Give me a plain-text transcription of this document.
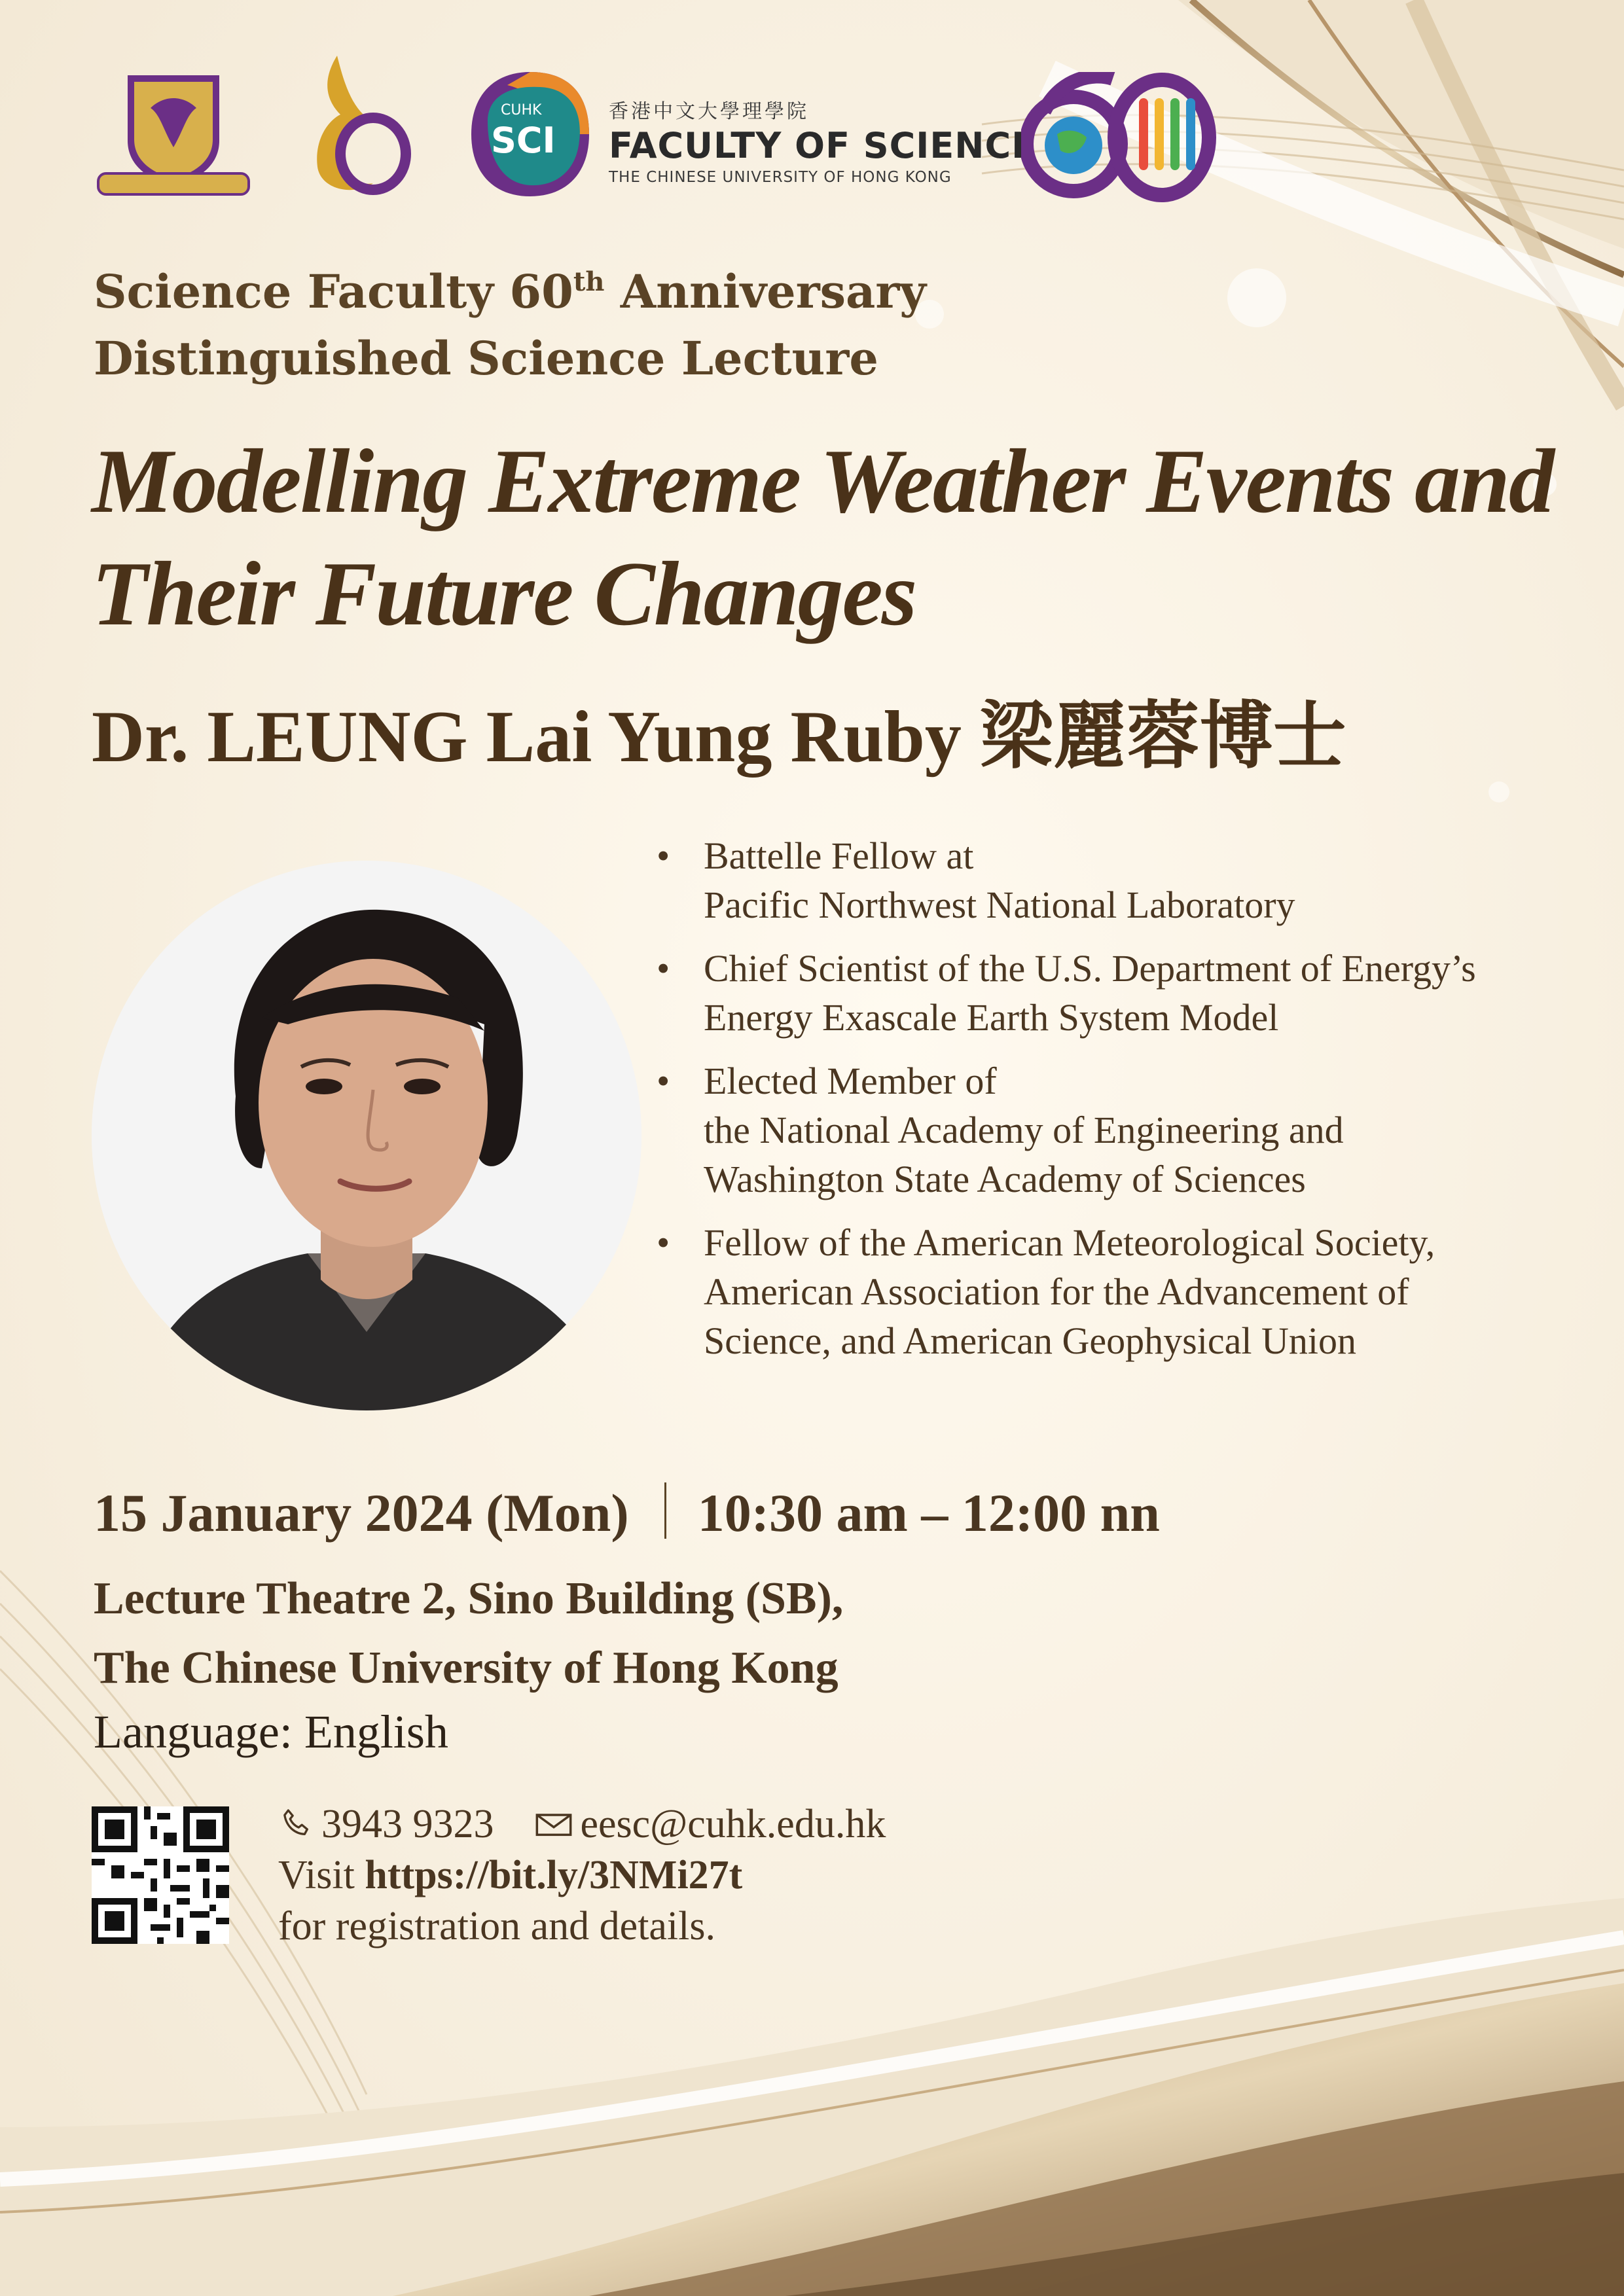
CUHK
SCI
香港中文大學理學院
FACULTY OF SCIENCE
THE CHINESE UNIVERSITY OF HONG KONG
Science Faculty 60th Anniversary
Distinguished Science Lecture
Modelling Extreme Weather Events and
Their Future Changes
Dr. LEUNG Lai Yung Ruby 梁麗蓉博士
• Battelle Fellow at
Pacific Northwest National Laboratory
• Chief Scientist of the U.S. Department of Energy’s
Energy Exascale Earth System Model
• Elected Member of
the National Academy of Engineering and
Washington State Academy of Sciences
• Fellow of the American Meteorological Society,
American Association for the Advancement of
Science, and American Geophysical Union
15 January 2024 (Mon) 10:30 am – 12:00 nn
Lecture Theatre 2, Sino Building (SB),
The Chinese University of Hong Kong
Language: English
3943 9323 eesc@cuhk.edu.hk
Visit https://bit.ly/3NMi27t
for registration and details.
